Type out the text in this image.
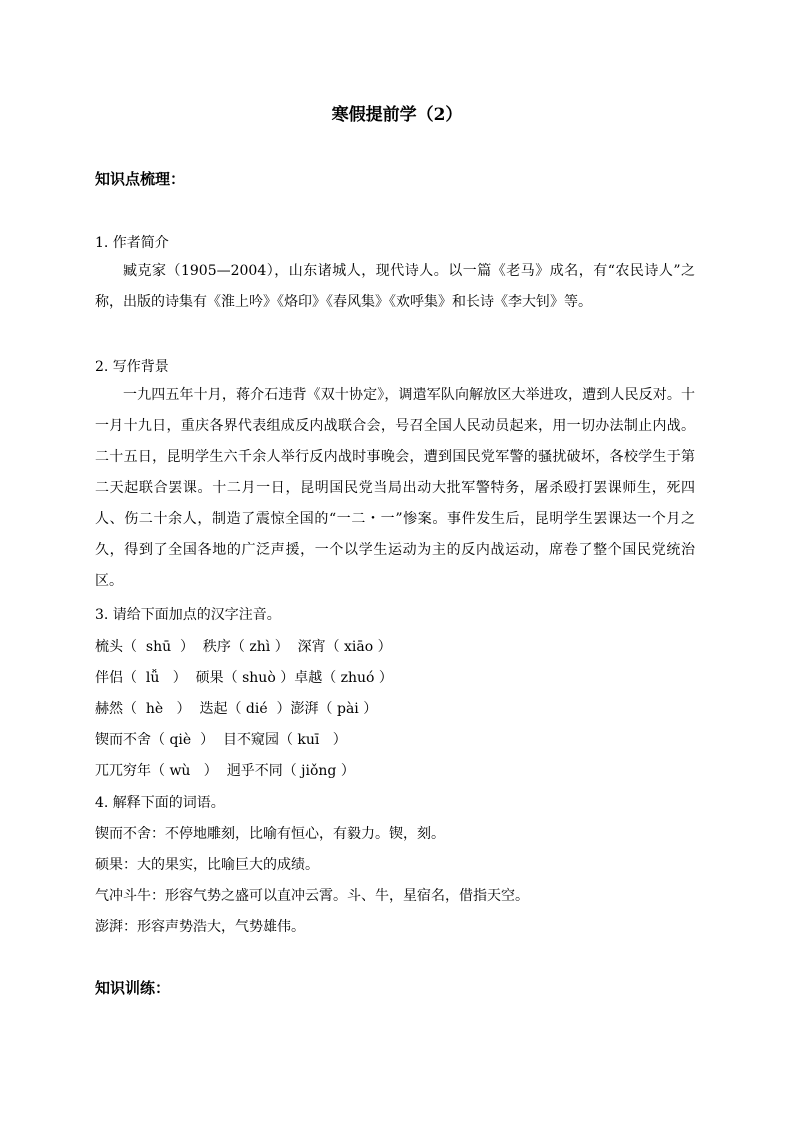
寒假提前学（2）
知识点梳理：
1. 作者简介
臧克家（1905—2004），山东诸城人，现代诗人。以一篇《老马》成名，有“农民诗人”之称，出版的诗集有《淮上吟》《烙印》《春风集》《欢呼集》和长诗《李大钊》等。
2. 写作背景
一九四五年十月，蒋介石违背《双十协定》，调遣军队向解放区大举进攻，遭到人民反对。十一月十九日，重庆各界代表组成反内战联合会，号召全国人民动员起来，用一切办法制止内战。二十五日，昆明学生六千余人举行反内战时事晚会，遭到国民党军警的骚扰破坏，各校学生于第二天起联合罢课。十二月一日，昆明国民党当局出动大批军警特务，屠杀殴打罢课师生，死四人、伤二十余人，制造了震惊全国的“一二・一”惨案。事件发生后，昆明学生罢课达一个月之久，得到了全国各地的广泛声援，一个以学生运动为主的反内战运动，席卷了整个国民党统治区。
3. 请给下面加点的汉字注音。
梳头（  shū  ）  秩序（ zhì ）  深宵（ xiāo ）
伴侣（  lǚ   ）  硕果（ shuò ）卓越（ zhuó ）
赫然（  hè   ）  迭起（ dié  ）澎湃（ pài ）
锲而不舍（ qiè  ）  目不窥园（ kuī   ）
兀兀穷年（ wù   ）  迥乎不同（ jiǒng ）
4. 解释下面的词语。
锲而不舍：不停地雕刻，比喻有恒心，有毅力。锲，刻。
硕果：大的果实，比喻巨大的成绩。
气冲斗牛：形容气势之盛可以直冲云霄。斗、牛，星宿名，借指天空。
澎湃：形容声势浩大，气势雄伟。
知识训练：
